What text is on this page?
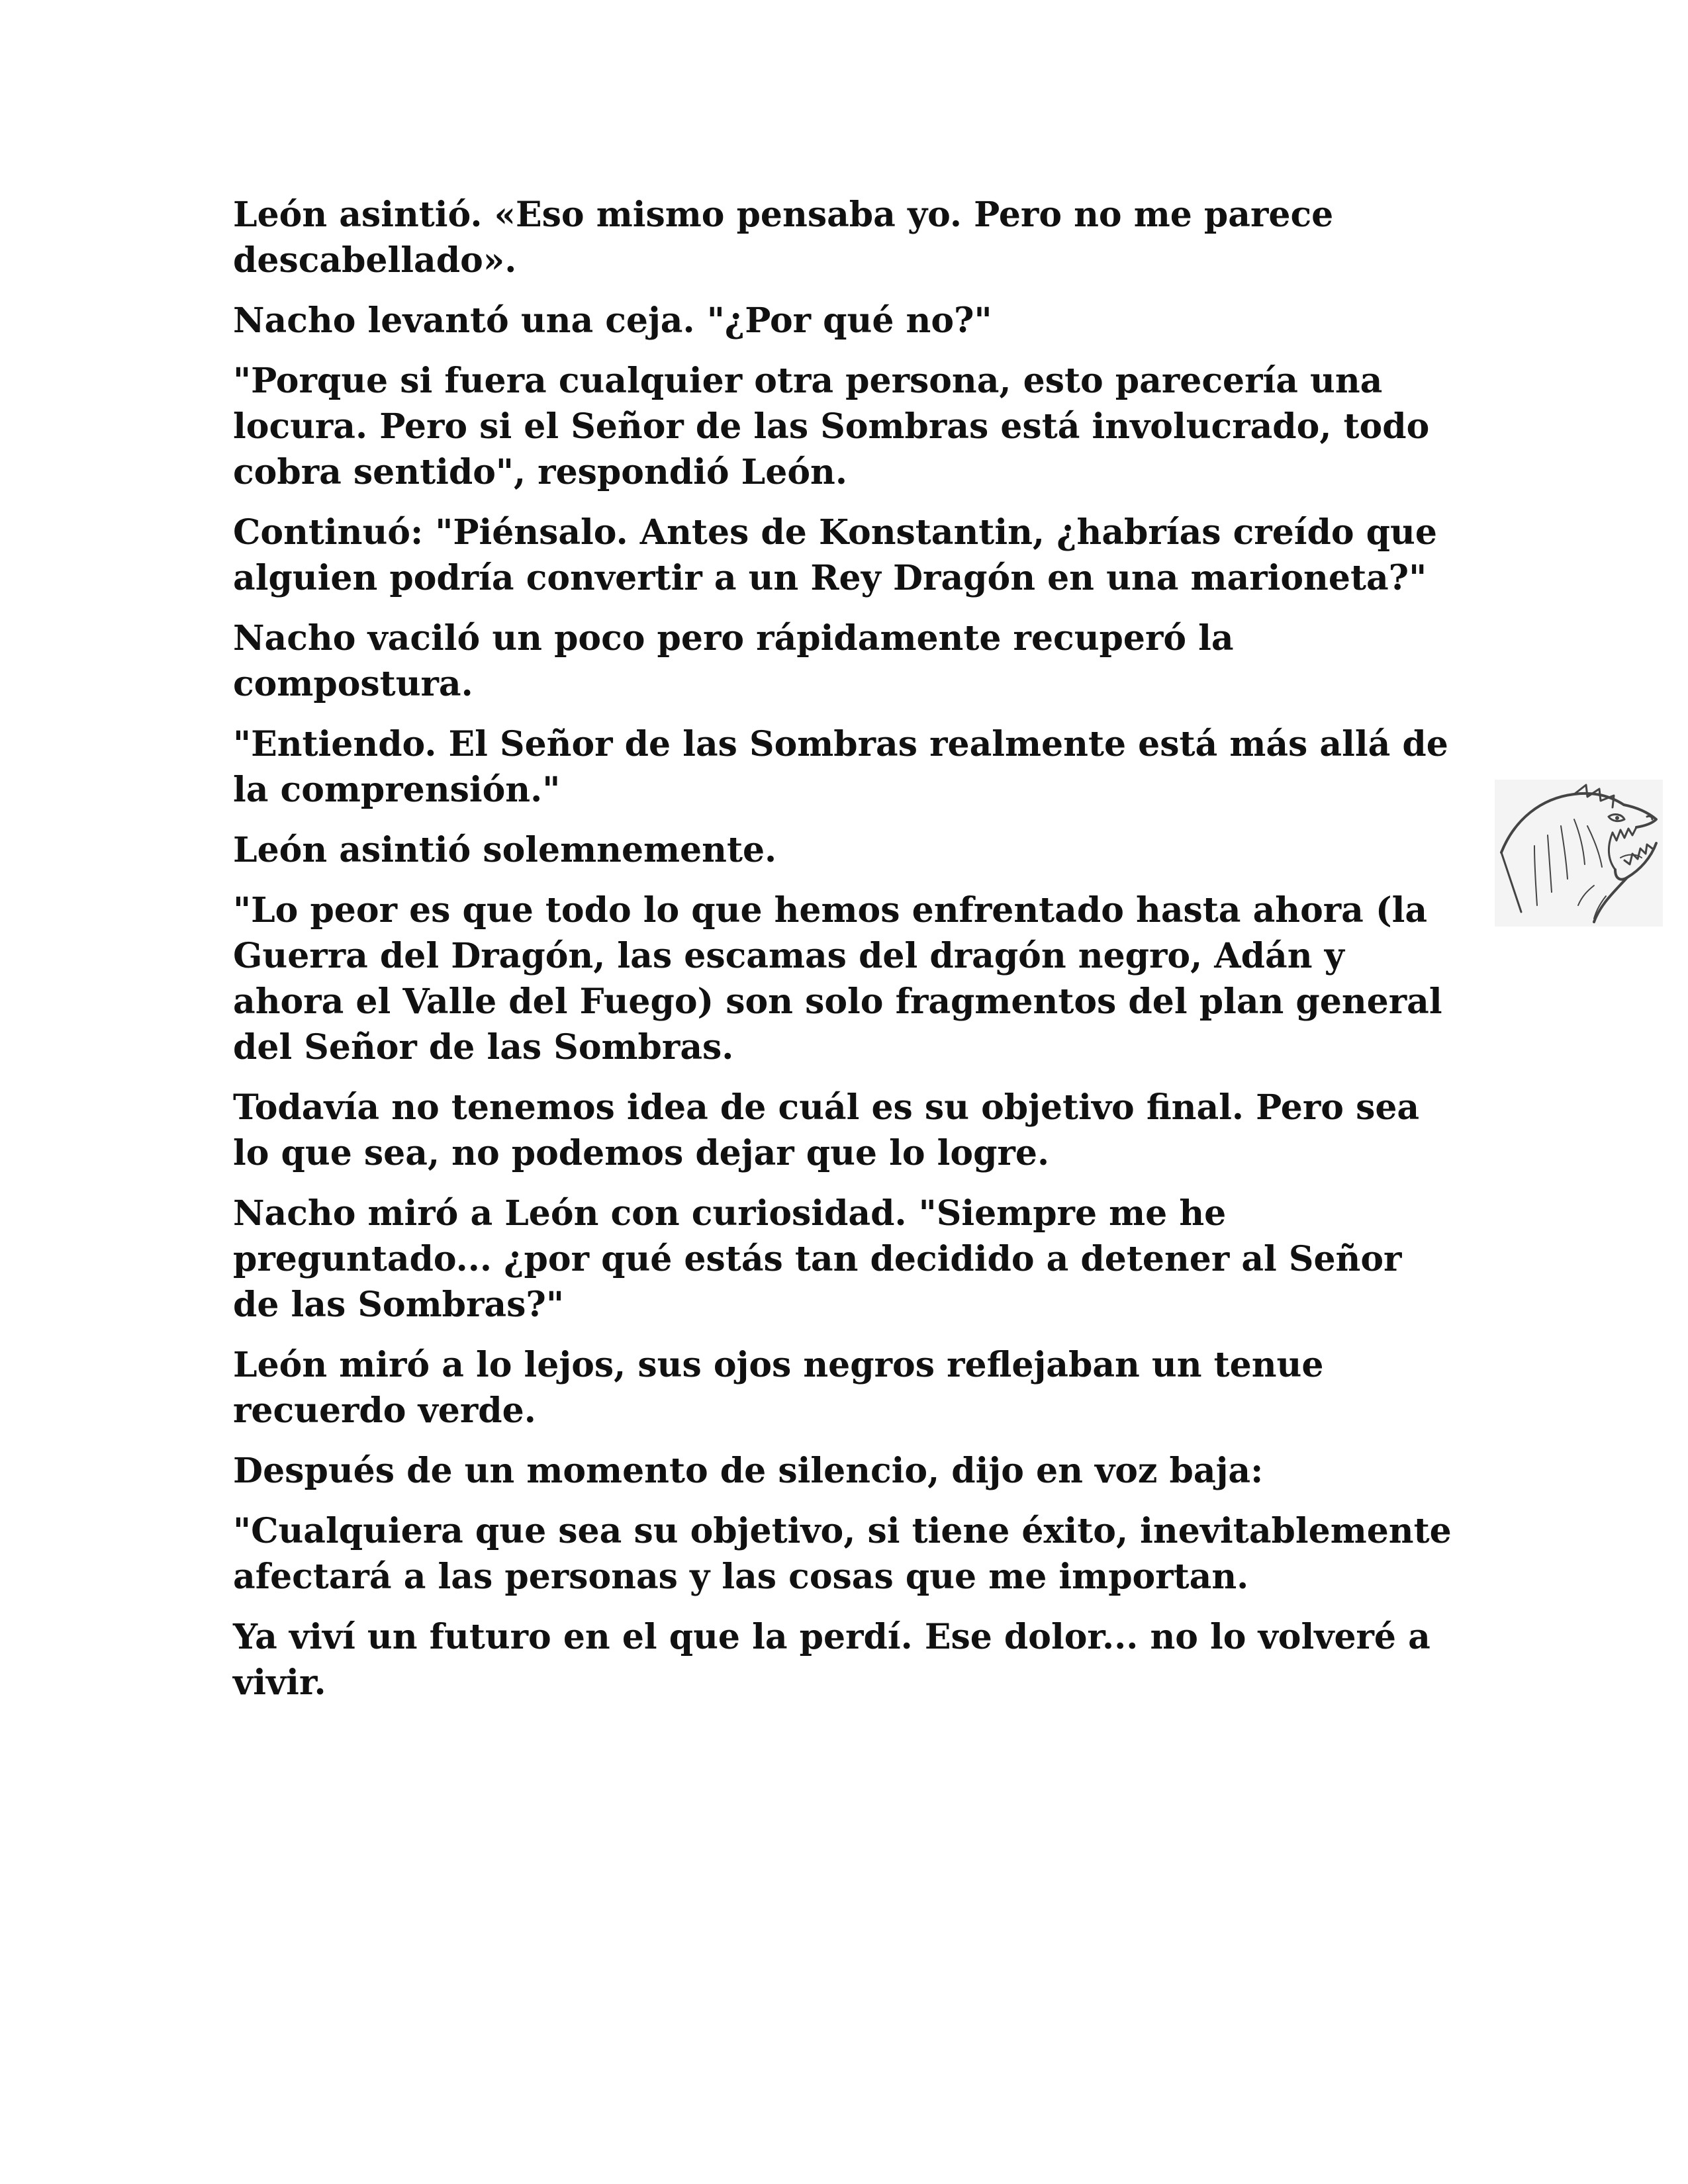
León asintió. «Eso mismo pensaba yo. Pero no me parece descabellado».

Nacho levantó una ceja. "¿Por qué no?"

"Porque si fuera cualquier otra persona, esto parecería una locura. Pero si el Señor de las Sombras está involucrado, todo cobra sentido", respondió León.

Continuó: "Piénsalo. Antes de Konstantin, ¿habrías creído que alguien podría convertir a un Rey Dragón en una marioneta?"

Nacho vaciló un poco pero rápidamente recuperó la compostura.

"Entiendo. El Señor de las Sombras realmente está más allá de la comprensión."

León asintió solemnemente.

"Lo peor es que todo lo que hemos enfrentado hasta ahora (la Guerra del Dragón, las escamas del dragón negro, Adán y ahora el Valle del Fuego) son solo fragmentos del plan general del Señor de las Sombras.

Todavía no tenemos idea de cuál es su objetivo final. Pero sea lo que sea, no podemos dejar que lo logre.

Nacho miró a León con curiosidad. "Siempre me he preguntado... ¿por qué estás tan decidido a detener al Señor de las Sombras?"

León miró a lo lejos, sus ojos negros reflejaban un tenue recuerdo verde.

Después de un momento de silencio, dijo en voz baja:

"Cualquiera que sea su objetivo, si tiene éxito, inevitablemente afectará a las personas y las cosas que me importan.

Ya viví un futuro en el que la perdí. Ese dolor... no lo volveré a vivir.
